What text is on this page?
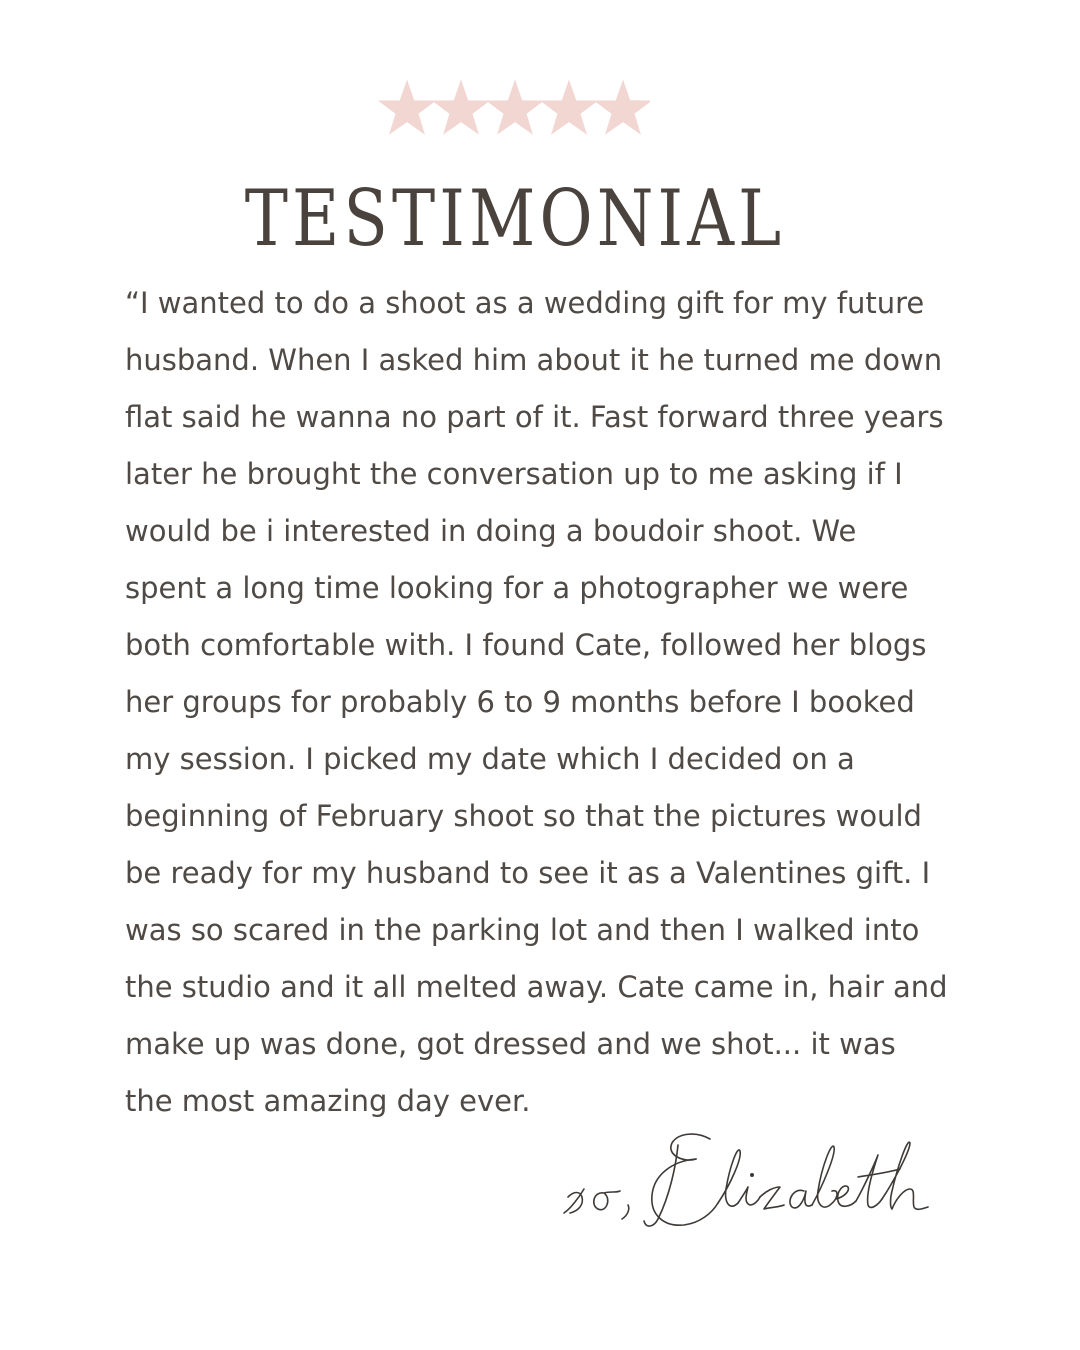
TESTIMONIAL
“I wanted to do a shoot as a wedding gift for my future
husband. When I asked him about it he turned me down
flat said he wanna no part of it. Fast forward three years
later he brought the conversation up to me asking if I
would be i interested in doing a boudoir shoot. We
spent a long time looking for a photographer we were
both comfortable with. I found Cate, followed her blogs
her groups for probably 6 to 9 months before I booked
my session. I picked my date which I decided on a
beginning of February shoot so that the pictures would
be ready for my husband to see it as a Valentines gift. I
was so scared in the parking lot and then I walked into
the studio and it all melted away. Cate came in, hair and
make up was done, got dressed and we shot... it was
the most amazing day ever.
